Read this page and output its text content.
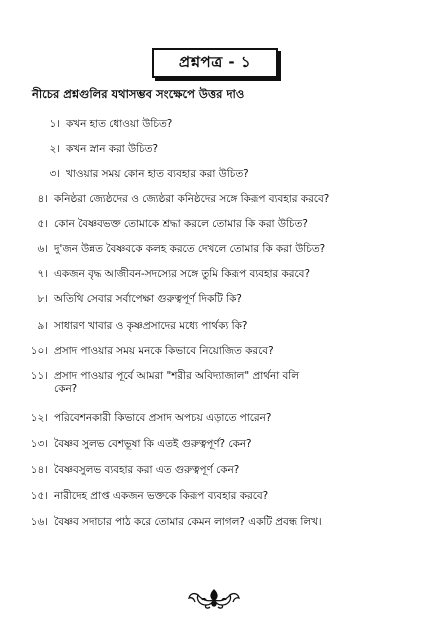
প্রশ্নপত্র - ১
নীচের প্রশ্নগুলির যথাসম্ভব সংক্ষেপে উত্তর দাও
১। কখন হাত ধোওয়া উচিত?
২। কখন স্নান করা উচিত?
৩। খাওয়ার সময় কোন হাত ব্যবহার করা উচিত?
৪। কনিষ্ঠরা জ্যেষ্ঠদের ও জ্যেষ্ঠরা কনিষ্ঠদের সঙ্গে কিরূপ ব্যবহার করবে?
৫। কোন বৈষ্ণবভক্ত তোমাকে শ্রদ্ধা করলে তোমার কি করা উচিত?
৬। দু'জন উন্নত বৈষ্ণবকে কলহ করতে দেখলে তোমার কি করা উচিত?
৭। একজন বৃদ্ধ আজীবন-সদস্যের সঙ্গে তুমি কিরূপ ব্যবহার করবে?
৮। অতিথি সেবার সর্বাপেক্ষা গুরুত্বপূর্ণ দিকটি কি?
৯। সাধারণ খাবার ও কৃষ্ণপ্রসাদের মধ্যে পার্থক্য কি?
১০। প্রসাদ পাওয়ার সময় মনকে কিভাবে নিয়োজিত করবে?
১১। প্রসাদ পাওয়ার পূর্বে আমরা "শরীর অবিদ্যাজাল" প্রার্থনা বলি
কেন?
১২। পরিবেশনকারী কিভাবে প্রসাদ অপচয় এড়াতে পারেন?
১৩। বৈষ্ণব সুলভ বেশভূষা কি এতই গুরুত্বপূর্ণ? কেন?
১৪। বৈষ্ণবসুলভ ব্যবহার করা এত গুরুত্বপূর্ণ কেন?
১৫। নারীদেহ প্রাপ্ত একজন ভক্তকে কিরূপ ব্যবহার করবে?
১৬। বৈষ্ণব সদাচার পাঠ করে তোমার কেমন লাগল? একটি প্রবন্ধ লিখ।
